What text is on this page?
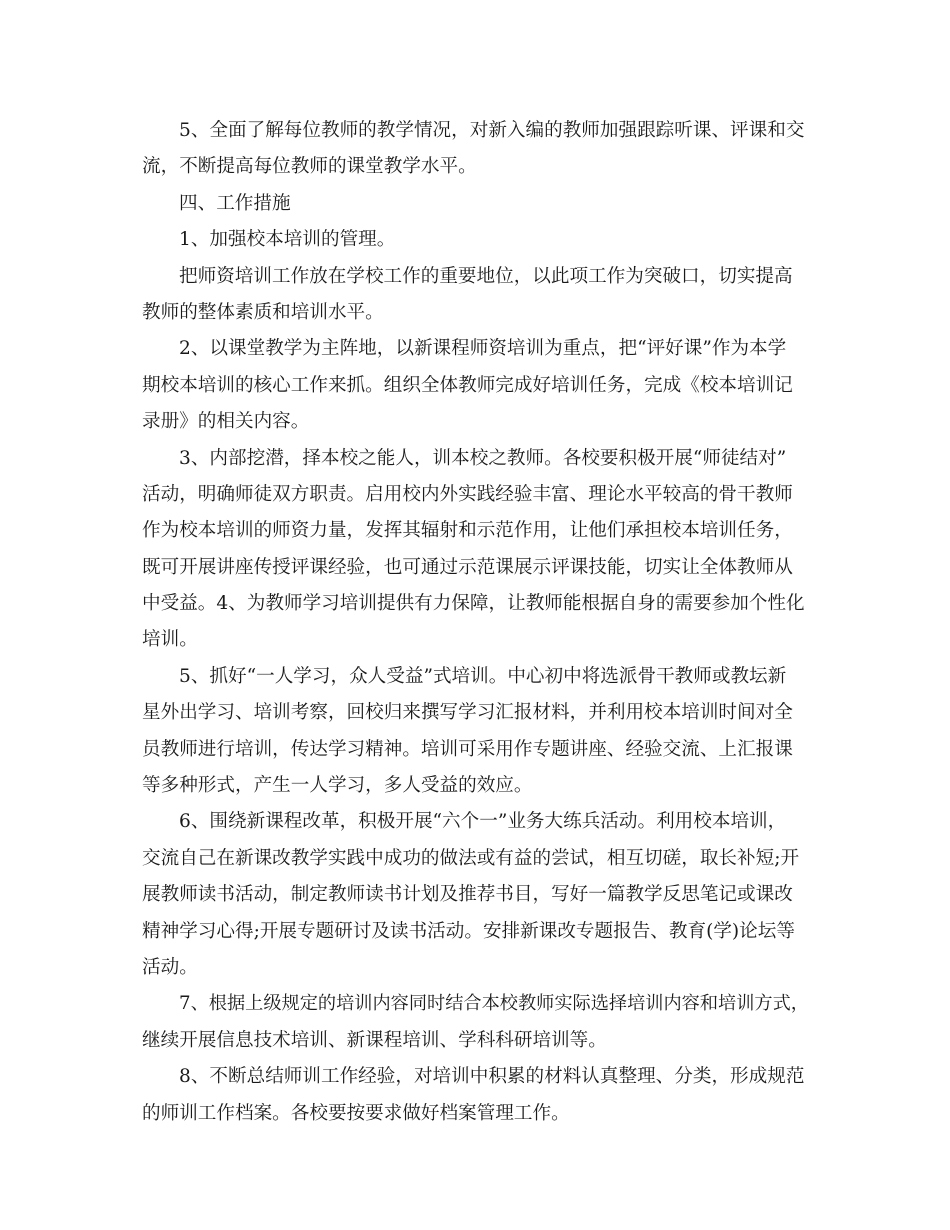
5、全面了解每位教师的教学情况，对新入编的教师加强跟踪听课、评课和交
流，不断提高每位教师的课堂教学水平。
四、工作措施
1、加强校本培训的管理。
把师资培训工作放在学校工作的重要地位，以此项工作为突破口，切实提高
教师的整体素质和培训水平。
2、以课堂教学为主阵地，以新课程师资培训为重点，把“评好课”作为本学
期校本培训的核心工作来抓。组织全体教师完成好培训任务，完成《校本培训记
录册》的相关内容。
3、内部挖潜，择本校之能人，训本校之教师。各校要积极开展“师徒结对”
活动，明确师徒双方职责。启用校内外实践经验丰富、理论水平较高的骨干教师
作为校本培训的师资力量，发挥其辐射和示范作用，让他们承担校本培训任务，
既可开展讲座传授评课经验，也可通过示范课展示评课技能，切实让全体教师从
中受益。4、为教师学习培训提供有力保障，让教师能根据自身的需要参加个性化
培训。
5、抓好“一人学习，众人受益”式培训。中心初中将选派骨干教师或教坛新
星外出学习、培训考察，回校归来撰写学习汇报材料，并利用校本培训时间对全
员教师进行培训，传达学习精神。培训可采用作专题讲座、经验交流、上汇报课
等多种形式，产生一人学习，多人受益的效应。
6、围绕新课程改革，积极开展“六个一”业务大练兵活动。利用校本培训，
交流自己在新课改教学实践中成功的做法或有益的尝试，相互切磋，取长补短;开
展教师读书活动，制定教师读书计划及推荐书目，写好一篇教学反思笔记或课改
精神学习心得;开展专题研讨及读书活动。安排新课改专题报告、教育(学)论坛等
活动。
7、根据上级规定的培训内容同时结合本校教师实际选择培训内容和培训方式，
继续开展信息技术培训、新课程培训、学科科研培训等。
8、不断总结师训工作经验，对培训中积累的材料认真整理、分类，形成规范
的师训工作档案。各校要按要求做好档案管理工作。
